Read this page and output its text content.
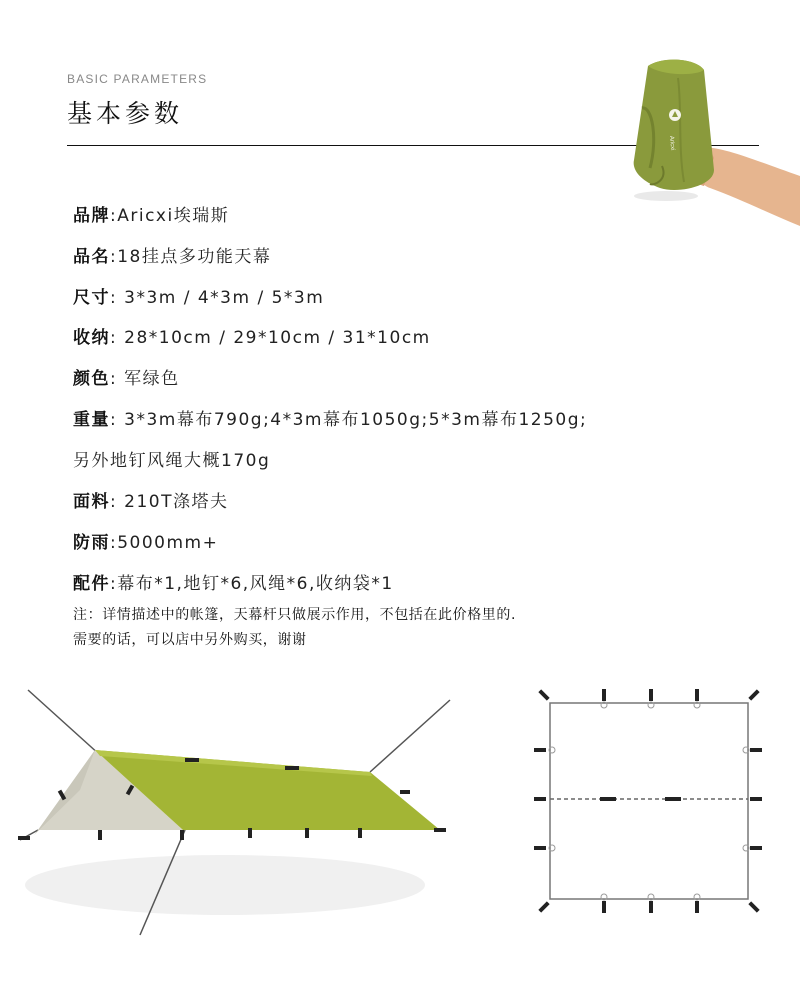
BASIC PARAMETERS
基本参数
Aricxi
品牌:Aricxi埃瑞斯
品名:18挂点多功能天幕
尺寸: 3*3m / 4*3m / 5*3m
收纳: 28*10cm / 29*10cm / 31*10cm
颜色: 军绿色
重量: 3*3m幕布790g;4*3m幕布1050g;5*3m幕布1250g;
另外地钉风绳大概170g
面料: 210T涤塔夫
防雨:5000mm+
配件:幕布*1,地钉*6,风绳*6,收纳袋*1
注：详情描述中的帐篷，天幕杆只做展示作用，不包括在此价格里的.
需要的话，可以店中另外购买，谢谢
